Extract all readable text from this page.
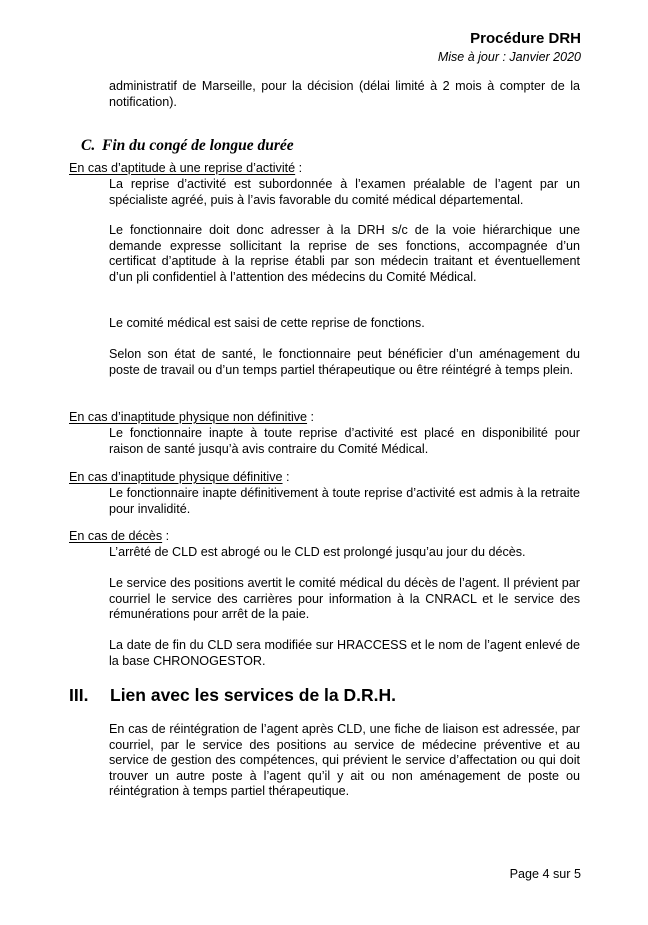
Procédure DRH
Mise à jour : Janvier 2020

administratif de Marseille, pour la décision (délai limité à 2 mois à compter de la notification).

C. Fin du congé de longue durée

En cas d’aptitude à une reprise d’activité :

La reprise d’activité est subordonnée à l’examen préalable de l’agent par un spécialiste agréé, puis à l’avis favorable du comité médical départemental.

Le fonctionnaire doit donc adresser à la DRH s/c de la voie hiérarchique une demande expresse sollicitant la reprise de ses fonctions, accompagnée d’un certificat d’aptitude à la reprise établi par son médecin traitant et éventuellement d’un pli confidentiel à l’attention des médecins du Comité Médical.

Le comité médical est saisi de cette reprise de fonctions.

Selon son état de santé, le fonctionnaire peut bénéficier d’un aménagement du poste de travail ou d’un temps partiel thérapeutique ou être réintégré à temps plein.

En cas d’inaptitude physique non définitive :

Le fonctionnaire inapte à toute reprise d’activité est placé en disponibilité pour raison de santé jusqu’à avis contraire du Comité Médical.

En cas d’inaptitude physique définitive :

Le fonctionnaire inapte définitivement à toute reprise d’activité est admis à la retraite pour invalidité.

En cas de décès :

L’arrêté de CLD est abrogé ou le CLD est prolongé jusqu’au jour du décès.

Le service des positions avertit le comité médical du décès de l’agent. Il prévient par courriel le service des carrières pour information à la CNRACL et le service des rémunérations pour arrêt de la paie.

La date de fin du CLD sera modifiée sur HRACCESS et le nom de l’agent enlevé de la base CHRONOGESTOR.

III. Lien avec les services de la D.R.H.

En cas de réintégration de l’agent après CLD, une fiche de liaison est adressée, par courriel, par le service des positions au service de médecine préventive et au service de gestion des compétences, qui prévient le service d’affectation ou qui doit trouver un autre poste à l’agent qu’il y ait ou non aménagement de poste ou réintégration à temps partiel thérapeutique.

Page 4 sur 5
